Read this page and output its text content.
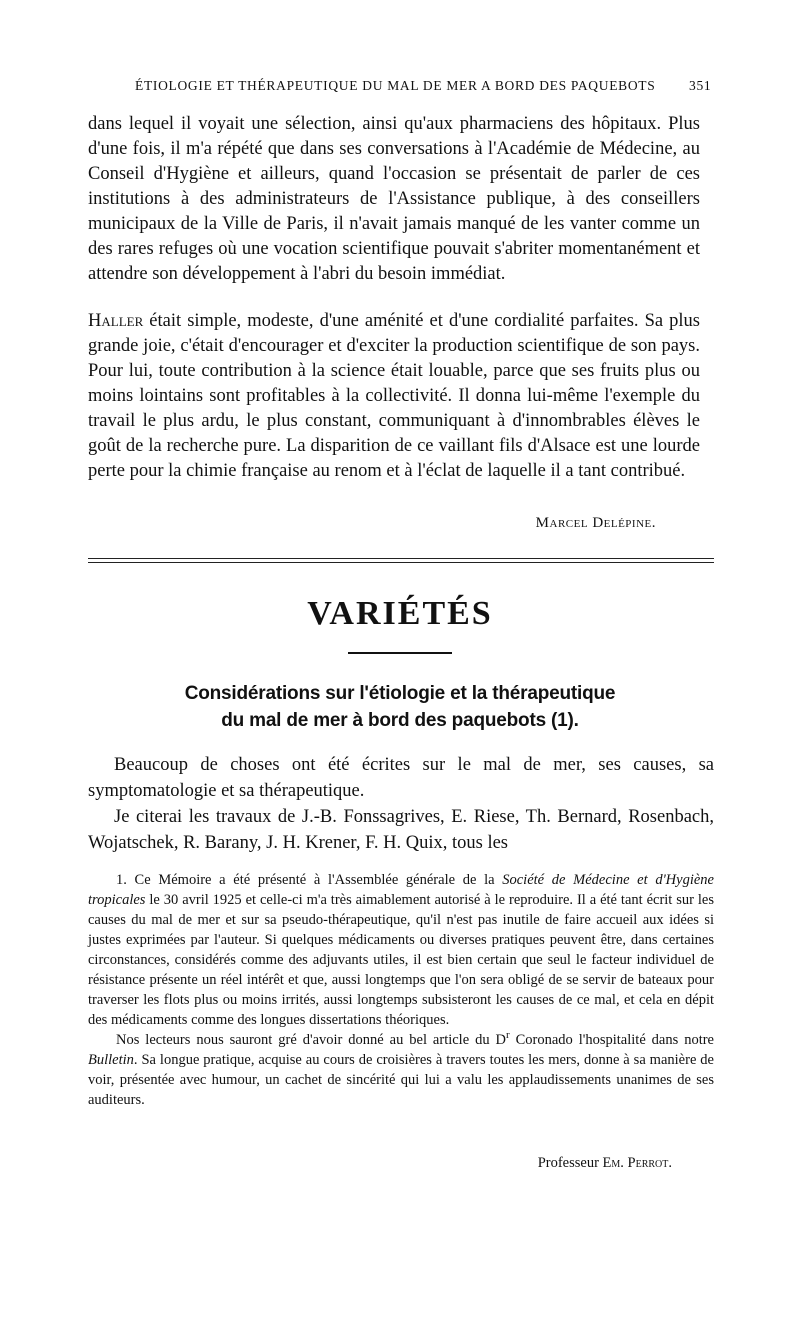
ÉTIOLOGIE ET THÉRAPEUTIQUE DU MAL DE MER A BORD DES PAQUEBOTS 351

dans lequel il voyait une sélection, ainsi qu'aux pharmaciens des hôpitaux. Plus d'une fois, il m'a répété que dans ses conversations à l'Académie de Médecine, au Conseil d'Hygiène et ailleurs, quand l'occasion se présentait de parler de ces institutions à des administrateurs de l'Assistance publique, à des conseillers municipaux de la Ville de Paris, il n'avait jamais manqué de les vanter comme un des rares refuges où une vocation scientifique pouvait s'abriter momentanément et attendre son développement à l'abri du besoin immédiat.

Haller était simple, modeste, d'une aménité et d'une cordialité parfaites. Sa plus grande joie, c'était d'encourager et d'exciter la production scientifique de son pays. Pour lui, toute contribution à la science était louable, parce que ses fruits plus ou moins lointains sont profitables à la collectivité. Il donna lui-même l'exemple du travail le plus ardu, le plus constant, communiquant à d'innombrables élèves le goût de la recherche pure. La disparition de ce vaillant fils d'Alsace est une lourde perte pour la chimie française au renom et à l'éclat de laquelle il a tant contribué.

Marcel Delépine.
VARIÉTÉS
Considérations sur l'étiologie et la thérapeutique
du mal de mer à bord des paquebots (1).

Beaucoup de choses ont été écrites sur le mal de mer, ses causes, sa symptomatologie et sa thérapeutique.

Je citerai les travaux de J.-B. Fonssagrives, E. Riese, Th. Bernard, Rosenbach, Wojatschek, R. Barany, J. H. Krener, F. H. Quix, tous les

1. Ce Mémoire a été présenté à l'Assemblée générale de la Société de Médecine et d'Hygiène tropicales le 30 avril 1925 et celle-ci m'a très aimablement autorisé à le reproduire. Il a été tant écrit sur les causes du mal de mer et sur sa pseudo-thérapeutique, qu'il n'est pas inutile de faire accueil aux idées si justes exprimées par l'auteur. Si quelques médicaments ou diverses pratiques peuvent être, dans certaines circonstances, considérés comme des adjuvants utiles, il est bien certain que seul le facteur individuel de résistance présente un réel intérêt et que, aussi longtemps que l'on sera obligé de se servir de bateaux pour traverser les flots plus ou moins irrités, aussi longtemps subsisteront les causes de ce mal, et cela en dépit des médicaments comme des longues dissertations théoriques.

Nos lecteurs nous sauront gré d'avoir donné au bel article du $D^r$ Coronado l'hospitalité dans notre Bulletin. Sa longue pratique, acquise au cours de croisières à travers toutes les mers, donne à sa manière de voir, présentée avec humour, un cachet de sincérité qui lui a valu les applaudissements unanimes de ses auditeurs.

Professeur Em. Perrot.
